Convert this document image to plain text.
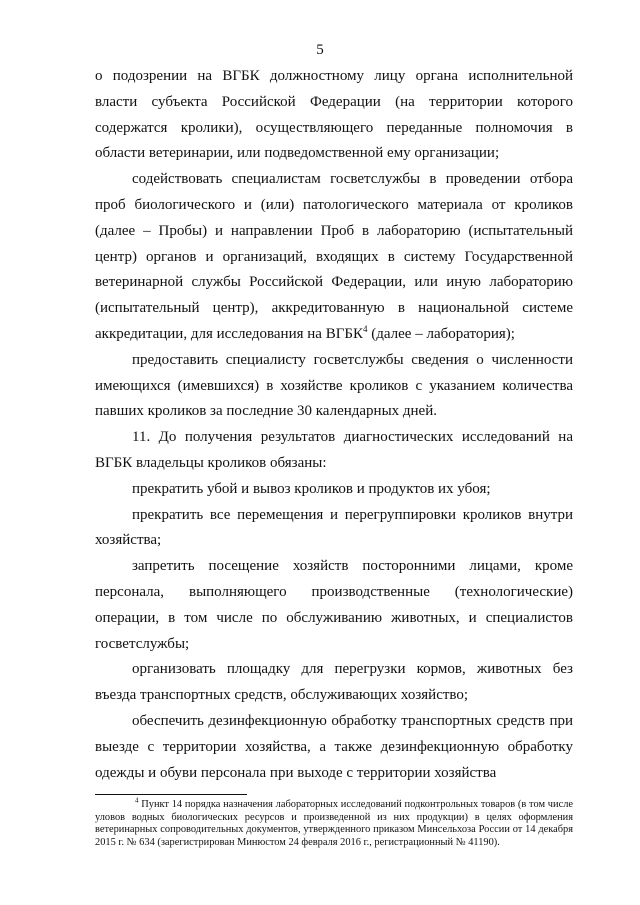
5

о подозрении на ВГБК должностному лицу органа исполнительной власти субъекта Российской Федерации (на территории которого содержатся кролики), осуществляющего переданные полномочия в области ветеринарии, или подведомственной ему организации;

содействовать специалистам госветслужбы в проведении отбора проб биологического и (или) патологического материала от кроликов (далее – Пробы) и направлении Проб в лабораторию (испытательный центр) органов и организаций, входящих в систему Государственной ветеринарной службы Российской Федерации, или иную лабораторию (испытательный центр), аккредитованную в национальной системе аккредитации, для исследования на ВГБК$^4$ (далее – лаборатория);

предоставить специалисту госветслужбы сведения о численности имеющихся (имевшихся) в хозяйстве кроликов с указанием количества павших кроликов за последние 30 календарных дней.

11. До получения результатов диагностических исследований на ВГБК владельцы кроликов обязаны:

прекратить убой и вывоз кроликов и продуктов их убоя;

прекратить все перемещения и перегруппировки кроликов внутри хозяйства;

запретить посещение хозяйств посторонними лицами, кроме персонала, выполняющего производственные (технологические) операции, в том числе по обслуживанию животных, и специалистов госветслужбы;

организовать площадку для перегрузки кормов, животных без въезда транспортных средств, обслуживающих хозяйство;

обеспечить дезинфекционную обработку транспортных средств при выезде с территории хозяйства, а также дезинфекционную обработку одежды и обуви персонала при выходе с территории хозяйства

$^4$ Пункт 14 порядка назначения лабораторных исследований подконтрольных товаров (в том числе уловов водных биологических ресурсов и произведенной из них продукции) в целях оформления ветеринарных сопроводительных документов, утвержденного приказом Минсельхоза России от 14 декабря 2015 г. № 634 (зарегистрирован Минюстом 24 февраля 2016 г., регистрационный № 41190).
